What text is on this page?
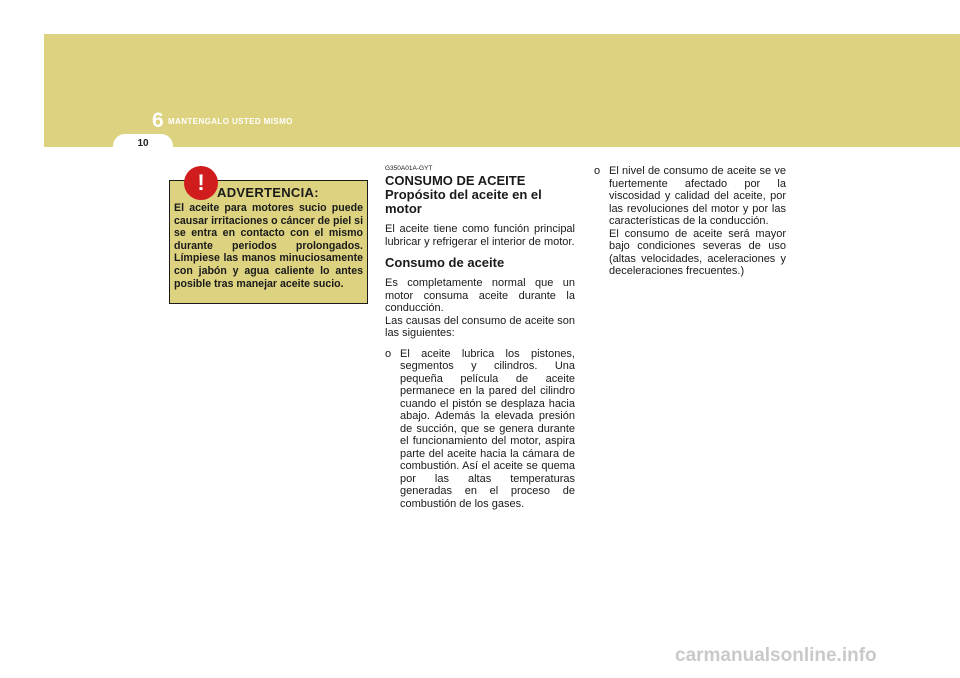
6 MANTENGALO USTED MISMO
10
! ADVERTENCIA:

El aceite para motores sucio puede causar irritaciones o cáncer de piel si se entra en contacto con el mismo durante periodos prolongados. Límpiese las manos minuciosamente con jabón y agua caliente lo antes posible tras manejar aceite sucio.

G350A01A-GYT

CONSUMO DE ACEITE

Propósito del aceite en el motor

El aceite tiene como función principal lubricar y refrigerar el interior de motor.

Consumo de aceite

Es completamente normal que un motor consuma aceite durante la conducción.

Las causas del consumo de aceite son las siguientes:

o El aceite lubrica los pistones, segmentos y cilindros. Una pequeña película de aceite permanece en la pared del cilindro cuando el pistón se desplaza hacia abajo. Además la elevada presión de succión, que se genera durante el funcionamiento del motor, aspira parte del aceite hacia la cámara de combustión. Así el aceite se quema por las altas temperaturas generadas en el proceso de combustión de los gases.

o El nivel de consumo de aceite se ve fuertemente afectado por la viscosidad y calidad del aceite, por las revoluciones del motor y por las características de la conducción.

El consumo de aceite será mayor bajo condiciones severas de uso (altas velocidades, aceleraciones y deceleraciones frecuentes.)

carmanualsonline.info
